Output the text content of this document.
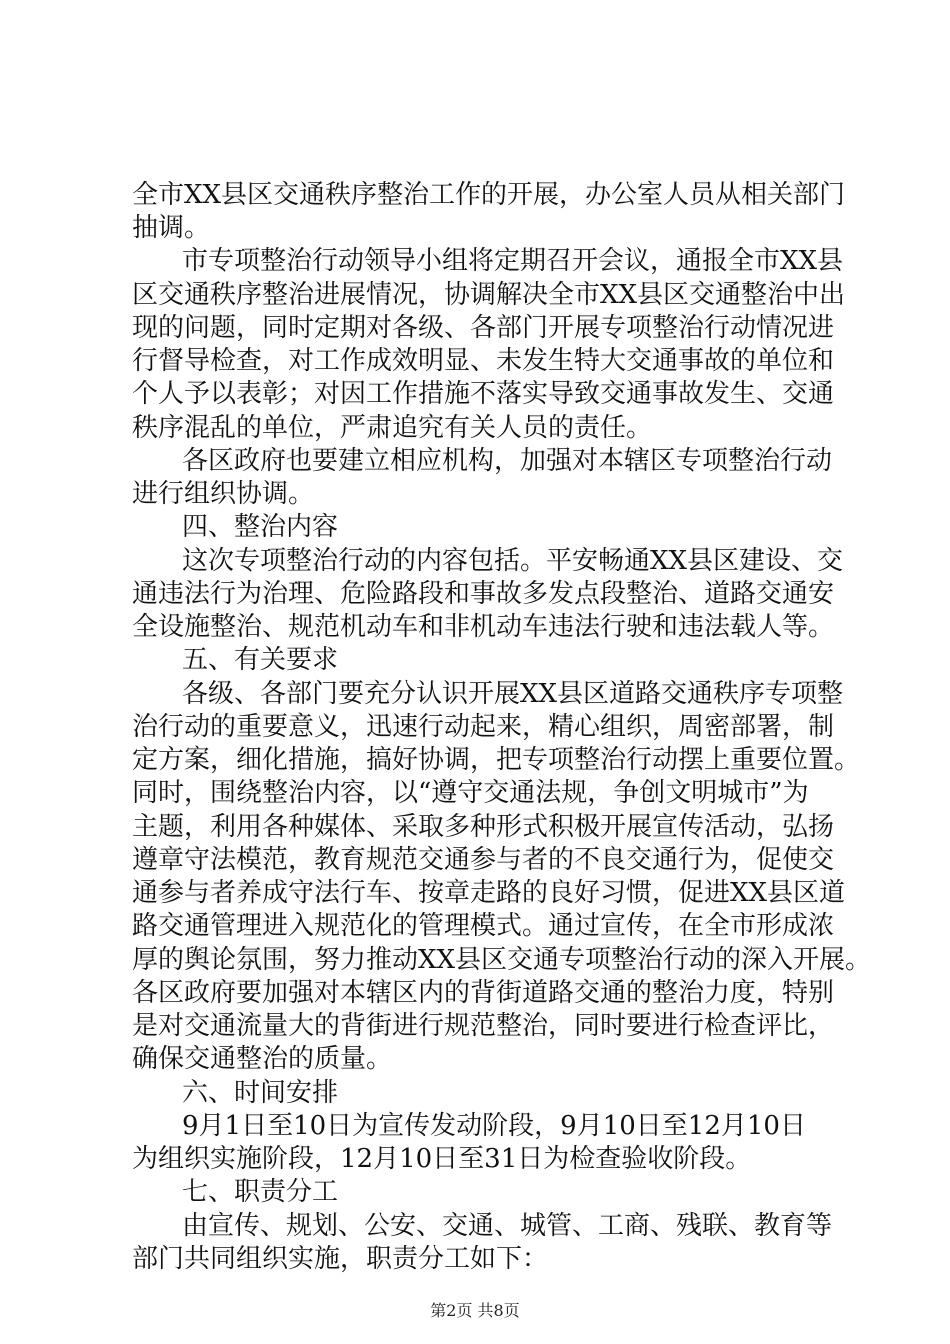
全市XX县区交通秩序整治工作的开展，办公室人员从相关部门
抽调。
市专项整治行动领导小组将定期召开会议，通报全市XX县
区交通秩序整治进展情况，协调解决全市XX县区交通整治中出
现的问题，同时定期对各级、各部门开展专项整治行动情况进
行督导检查，对工作成效明显、未发生特大交通事故的单位和
个人予以表彰；对因工作措施不落实导致交通事故发生、交通
秩序混乱的单位，严肃追究有关人员的责任。
各区政府也要建立相应机构，加强对本辖区专项整治行动
进行组织协调。
四、整治内容
这次专项整治行动的内容包括。平安畅通XX县区建设、交
通违法行为治理、危险路段和事故多发点段整治、道路交通安
全设施整治、规范机动车和非机动车违法行驶和违法载人等。
五、有关要求
各级、各部门要充分认识开展XX县区道路交通秩序专项整
治行动的重要意义，迅速行动起来，精心组织，周密部署，制
定方案，细化措施，搞好协调，把专项整治行动摆上重要位置。
同时，围绕整治内容，以“遵守交通法规，争创文明城市”为
主题，利用各种媒体、采取多种形式积极开展宣传活动，弘扬
遵章守法模范，教育规范交通参与者的不良交通行为，促使交
通参与者养成守法行车、按章走路的良好习惯，促进XX县区道
路交通管理进入规范化的管理模式。通过宣传，在全市形成浓
厚的舆论氛围，努力推动XX县区交通专项整治行动的深入开展。
各区政府要加强对本辖区内的背街道路交通的整治力度，特别
是对交通流量大的背街进行规范整治，同时要进行检查评比，
确保交通整治的质量。
六、时间安排
9月1日至10日为宣传发动阶段，9月10日至12月10日
为组织实施阶段，12月10日至31日为检查验收阶段。
七、职责分工
由宣传、规划、公安、交通、城管、工商、残联、教育等
部门共同组织实施，职责分工如下：
第2页 共8页
